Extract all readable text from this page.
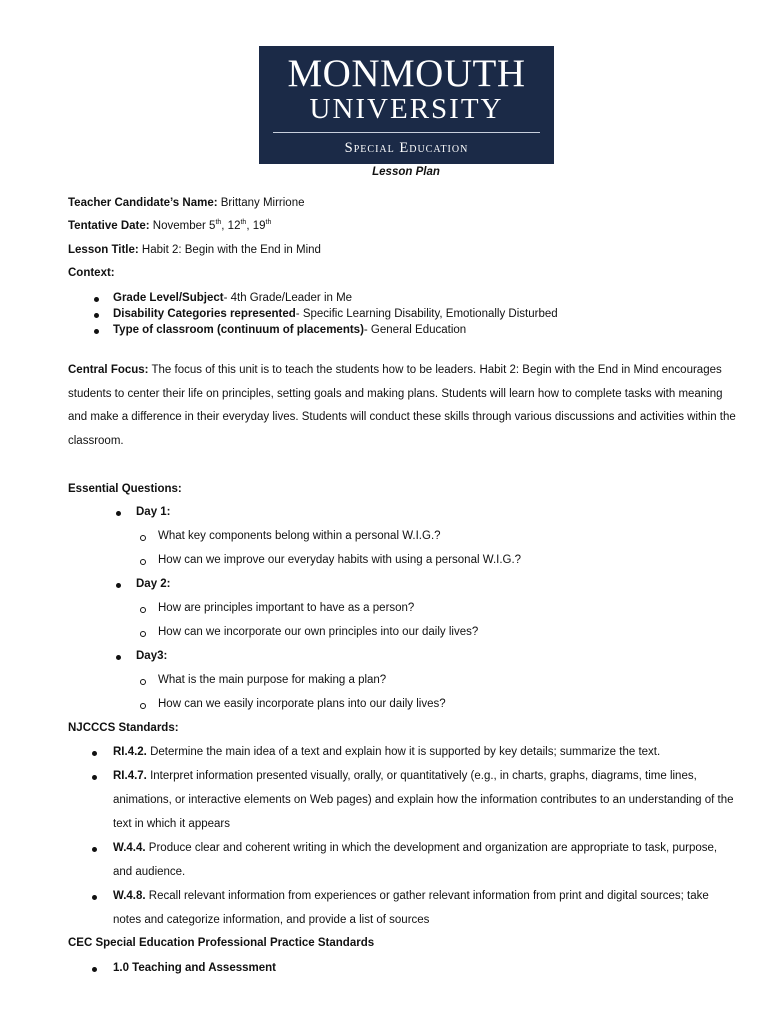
MONMOUTH
UNIVERSITY
Special Education
Lesson Plan
Teacher Candidate’s Name: Brittany Mirrione
Tentative Date: November 5th, 12th, 19th
Lesson Title: Habit 2: Begin with the End in Mind
Context:
Grade Level/Subject- 4th Grade/Leader in Me
Disability Categories represented- Specific Learning Disability, Emotionally Disturbed
Type of classroom (continuum of placements)- General Education
Central Focus: The focus of this unit is to teach the students how to be leaders. Habit 2: Begin with the End in Mind encourages
students to center their life on principles, setting goals and making plans. Students will learn how to complete tasks with meaning
and make a difference in their everyday lives. Students will conduct these skills through various discussions and activities within the
classroom.
Essential Questions:
Day 1:
What key components belong within a personal W.I.G.?
How can we improve our everyday habits with using a personal W.I.G.?
Day 2:
How are principles important to have as a person?
How can we incorporate our own principles into our daily lives?
Day3:
What is the main purpose for making a plan?
How can we easily incorporate plans into our daily lives?
NJCCCS Standards:
RI.4.2. Determine the main idea of a text and explain how it is supported by key details; summarize the text.
RI.4.7. Interpret information presented visually, orally, or quantitatively (e.g., in charts, graphs, diagrams, time lines,
animations, or interactive elements on Web pages) and explain how the information contributes to an understanding of the
text in which it appears
W.4.4. Produce clear and coherent writing in which the development and organization are appropriate to task, purpose,
and audience.
W.4.8. Recall relevant information from experiences or gather relevant information from print and digital sources; take
notes and categorize information, and provide a list of sources
CEC Special Education Professional Practice Standards
1.0 Teaching and Assessment
